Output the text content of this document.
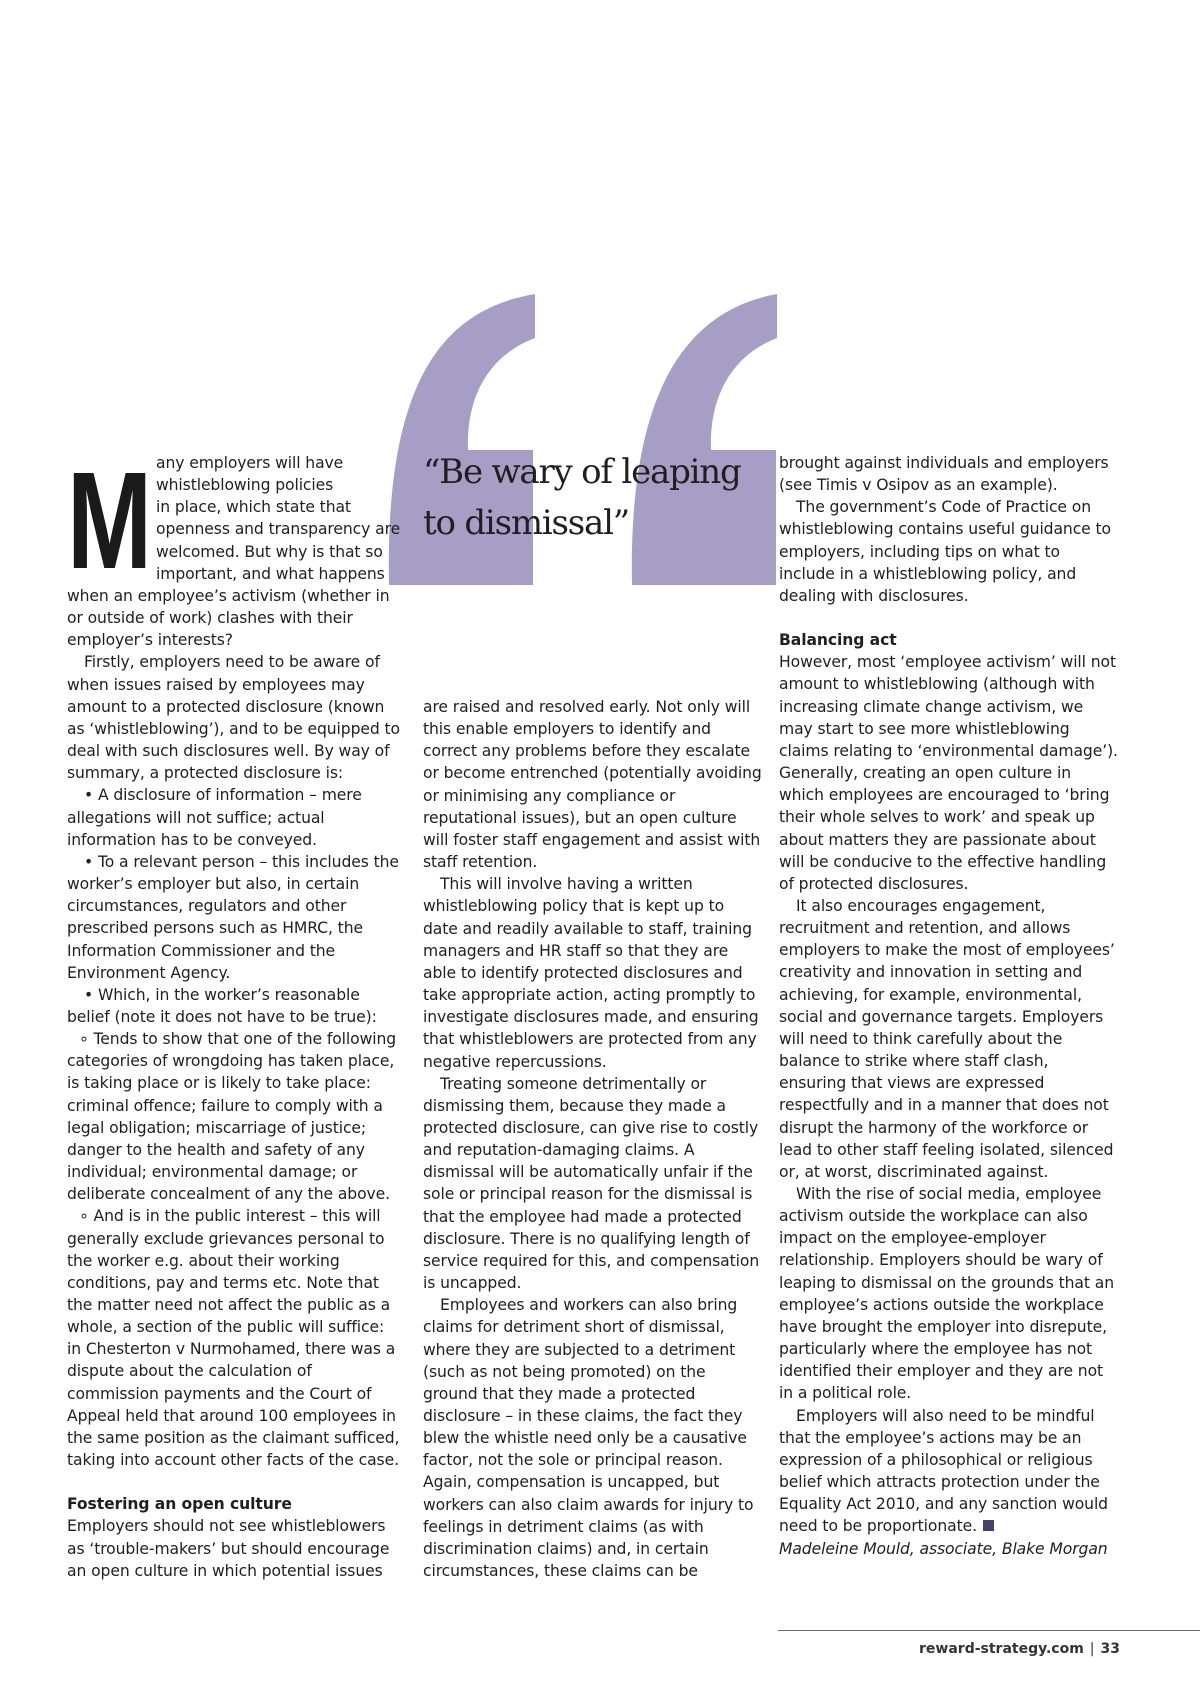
“Be wary of leaping to dismissal”
M any employers will have

whistleblowing policies

in place, which state that

openness and transparency are

welcomed. But why is that so

important, and what happens

when an employee’s activism (whether in or outside of work) clashes with their employer’s interests?

Firstly, employers need to be aware of when issues raised by employees may amount to a protected disclosure (known as ‘whistleblowing’), and to be equipped to deal with such disclosures well. By way of summary, a protected disclosure is:

• A disclosure of information – mere allegations will not suffice; actual information has to be conveyed.

• To a relevant person – this includes the worker’s employer but also, in certain circumstances, regulators and other prescribed persons such as HMRC, the Information Commissioner and the Environment Agency.

• Which, in the worker’s reasonable belief (note it does not have to be true):

∘ Tends to show that one of the following categories of wrongdoing has taken place, is taking place or is likely to take place: criminal offence; failure to comply with a legal obligation; miscarriage of justice; danger to the health and safety of any individual; environmental damage; or deliberate concealment of any the above.

∘ And is in the public interest – this will generally exclude grievances personal to the worker e.g. about their working conditions, pay and terms etc. Note that the matter need not affect the public as a whole, a section of the public will suffice: in Chesterton v Nurmohamed, there was a dispute about the calculation of commission payments and the Court of Appeal held that around 100 employees in the same position as the claimant sufficed, taking into account other facts of the case.

Fostering an open culture

Employers should not see whistleblowers as ‘trouble-makers’ but should encourage an open culture in which potential issues

are raised and resolved early. Not only will this enable employers to identify and correct any problems before they escalate or become entrenched (potentially avoiding or minimising any compliance or reputational issues), but an open culture will foster staff engagement and assist with staff retention.

This will involve having a written whistleblowing policy that is kept up to date and readily available to staff, training managers and HR staff so that they are able to identify protected disclosures and take appropriate action, acting promptly to investigate disclosures made, and ensuring that whistleblowers are protected from any negative repercussions.

Treating someone detrimentally or dismissing them, because they made a protected disclosure, can give rise to costly and reputation-damaging claims. A dismissal will be automatically unfair if the sole or principal reason for the dismissal is that the employee had made a protected disclosure. There is no qualifying length of service required for this, and compensation is uncapped.

Employees and workers can also bring claims for detriment short of dismissal, where they are subjected to a detriment (such as not being promoted) on the ground that they made a protected disclosure – in these claims, the fact they blew the whistle need only be a causative factor, not the sole or principal reason. Again, compensation is uncapped, but workers can also claim awards for injury to feelings in detriment claims (as with discrimination claims) and, in certain circumstances, these claims can be

brought against individuals and employers (see Timis v Osipov as an example).

The government’s Code of Practice on whistleblowing contains useful guidance to employers, including tips on what to include in a whistleblowing policy, and dealing with disclosures.

Balancing act

However, most ‘employee activism’ will not amount to whistleblowing (although with increasing climate change activism, we may start to see more whistleblowing claims relating to ‘environmental damage’). Generally, creating an open culture in which employees are encouraged to ‘bring their whole selves to work’ and speak up about matters they are passionate about will be conducive to the effective handling of protected disclosures.

It also encourages engagement, recruitment and retention, and allows employers to make the most of employees’ creativity and innovation in setting and achieving, for example, environmental, social and governance targets. Employers will need to think carefully about the balance to strike where staff clash, ensuring that views are expressed respectfully and in a manner that does not disrupt the harmony of the workforce or lead to other staff feeling isolated, silenced or, at worst, discriminated against.

With the rise of social media, employee activism outside the workplace can also impact on the employee-employer relationship. Employers should be wary of leaping to dismissal on the grounds that an employee’s actions outside the workplace have brought the employer into disrepute, particularly where the employee has not identified their employer and they are not in a political role.

Employers will also need to be mindful that the employee’s actions may be an expression of a philosophical or religious belief which attracts protection under the Equality Act 2010, and any sanction would need to be proportionate.

Madeleine Mould, associate, Blake Morgan

reward-strategy.com | 33
